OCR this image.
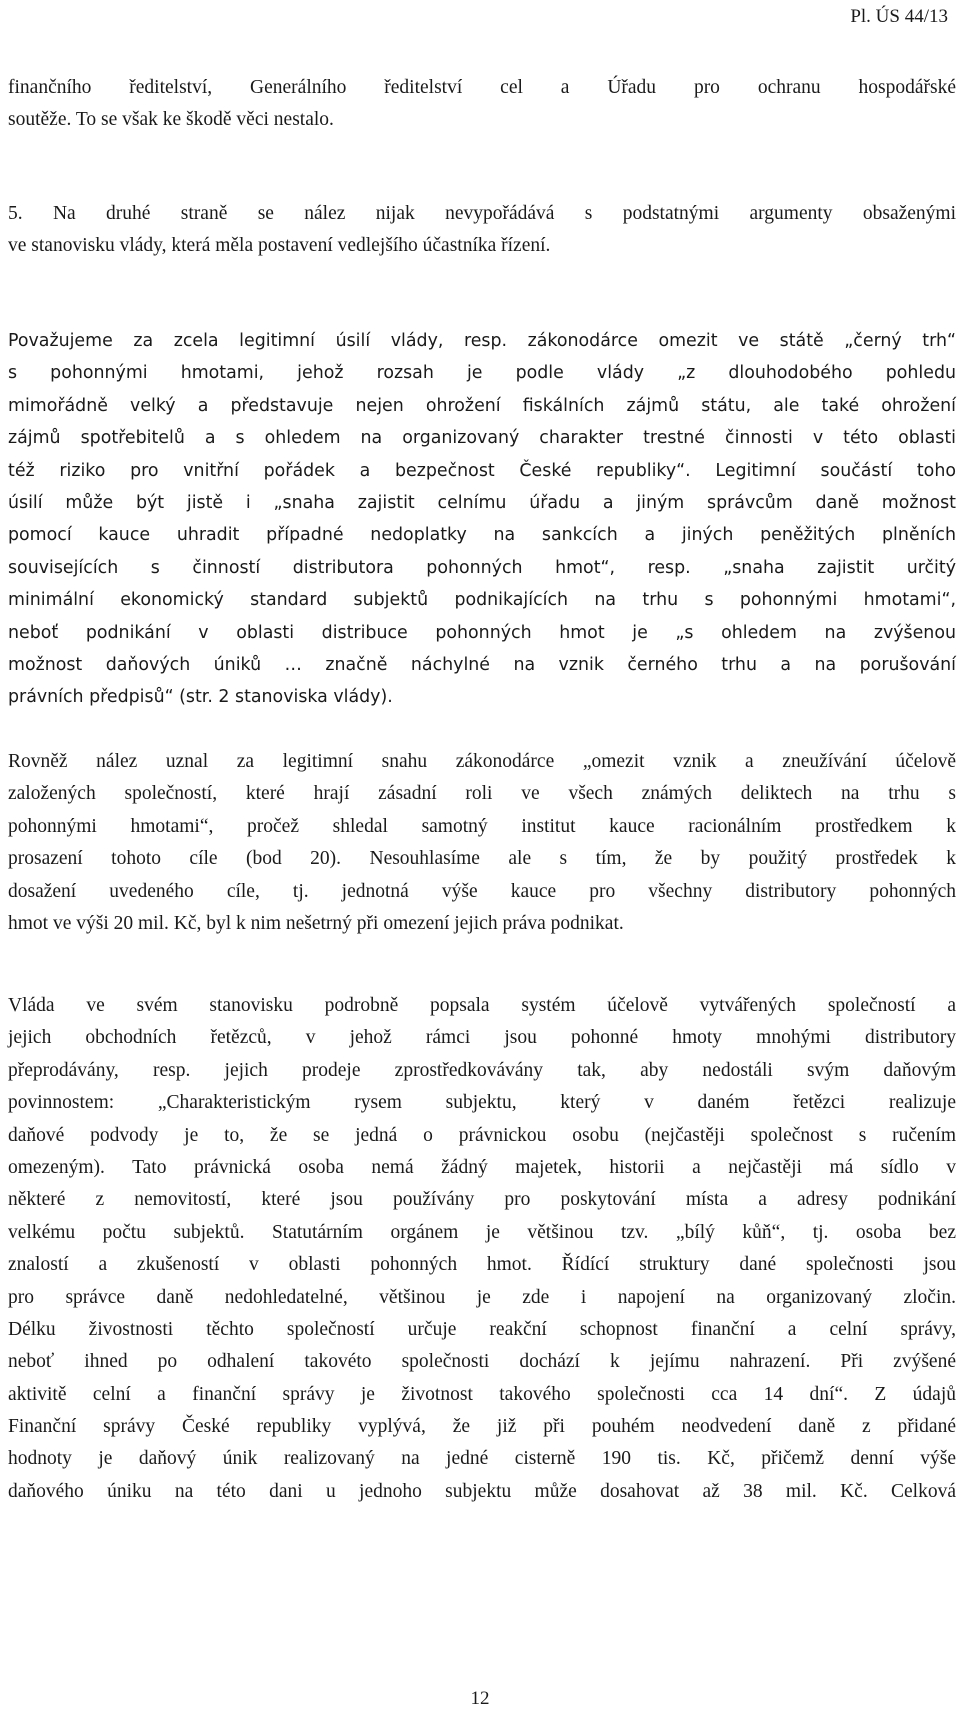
Pl. ÚS 44/13
finančního ředitelství, Generálního ředitelství cel a Úřadu pro ochranu hospodářské
soutěže. To se však ke škodě věci nestalo.
5. Na druhé straně se nález nijak nevypořádává s podstatnými argumenty obsaženými
ve stanovisku vlády, která měla postavení vedlejšího účastníka řízení.
Považujeme za zcela legitimní úsilí vlády, resp. zákonodárce omezit ve státě „černý trh“
s pohonnými hmotami, jehož rozsah je podle vlády „z dlouhodobého pohledu
mimořádně velký a představuje nejen ohrožení fiskálních zájmů státu, ale také ohrožení
zájmů spotřebitelů a s ohledem na organizovaný charakter trestné činnosti v této oblasti
též riziko pro vnitřní pořádek a bezpečnost České republiky“. Legitimní součástí toho
úsilí může být jistě i „snaha zajistit celnímu úřadu a jiným správcům daně možnost
pomocí kauce uhradit případné nedoplatky na sankcích a jiných peněžitých plněních
souvisejících s činností distributora pohonných hmot“, resp. „snaha zajistit určitý
minimální ekonomický standard subjektů podnikajících na trhu s pohonnými hmotami“,
neboť podnikání v oblasti distribuce pohonných hmot je „s ohledem na zvýšenou
možnost daňových úniků … značně náchylné na vznik černého trhu a na porušování
právních předpisů“ (str. 2 stanoviska vlády).
Rovněž nález uznal za legitimní snahu zákonodárce „omezit vznik a zneužívání účelově
založených společností, které hrají zásadní roli ve všech známých deliktech na trhu s
pohonnými hmotami“, pročež shledal samotný institut kauce racionálním prostředkem k
prosazení tohoto cíle (bod 20). Nesouhlasíme ale s tím, že by použitý prostředek k
dosažení uvedeného cíle, tj. jednotná výše kauce pro všechny distributory pohonných
hmot ve výši 20 mil. Kč, byl k nim nešetrný při omezení jejich práva podnikat.
Vláda ve svém stanovisku podrobně popsala systém účelově vytvářených společností a
jejich obchodních řetězců, v jehož rámci jsou pohonné hmoty mnohými distributory
přeprodávány, resp. jejich prodeje zprostředkovávány tak, aby nedostáli svým daňovým
povinnostem: „Charakteristickým rysem subjektu, který v daném řetězci realizuje
daňové podvody je to, že se jedná o právnickou osobu (nejčastěji společnost s ručením
omezeným). Tato právnická osoba nemá žádný majetek, historii a nejčastěji má sídlo v
některé z nemovitostí, které jsou používány pro poskytování místa a adresy podnikání
velkému počtu subjektů. Statutárním orgánem je většinou tzv. „bílý kůň“, tj. osoba bez
znalostí a zkušeností v oblasti pohonných hmot. Řídící struktury dané společnosti jsou
pro správce daně nedohledatelné, většinou je zde i napojení na organizovaný zločin.
Délku živostnosti těchto společností určuje reakční schopnost finanční a celní správy,
neboť ihned po odhalení takovéto společnosti dochází k jejímu nahrazení. Při zvýšené
aktivitě celní a finanční správy je životnost takového společnosti cca 14 dní“. Z údajů
Finanční správy České republiky vyplývá, že již při pouhém neodvedení daně z přidané
hodnoty je daňový únik realizovaný na jedné cisterně 190 tis. Kč, přičemž denní výše
daňového úniku na této dani u jednoho subjektu může dosahovat až 38 mil. Kč. Celková
12
